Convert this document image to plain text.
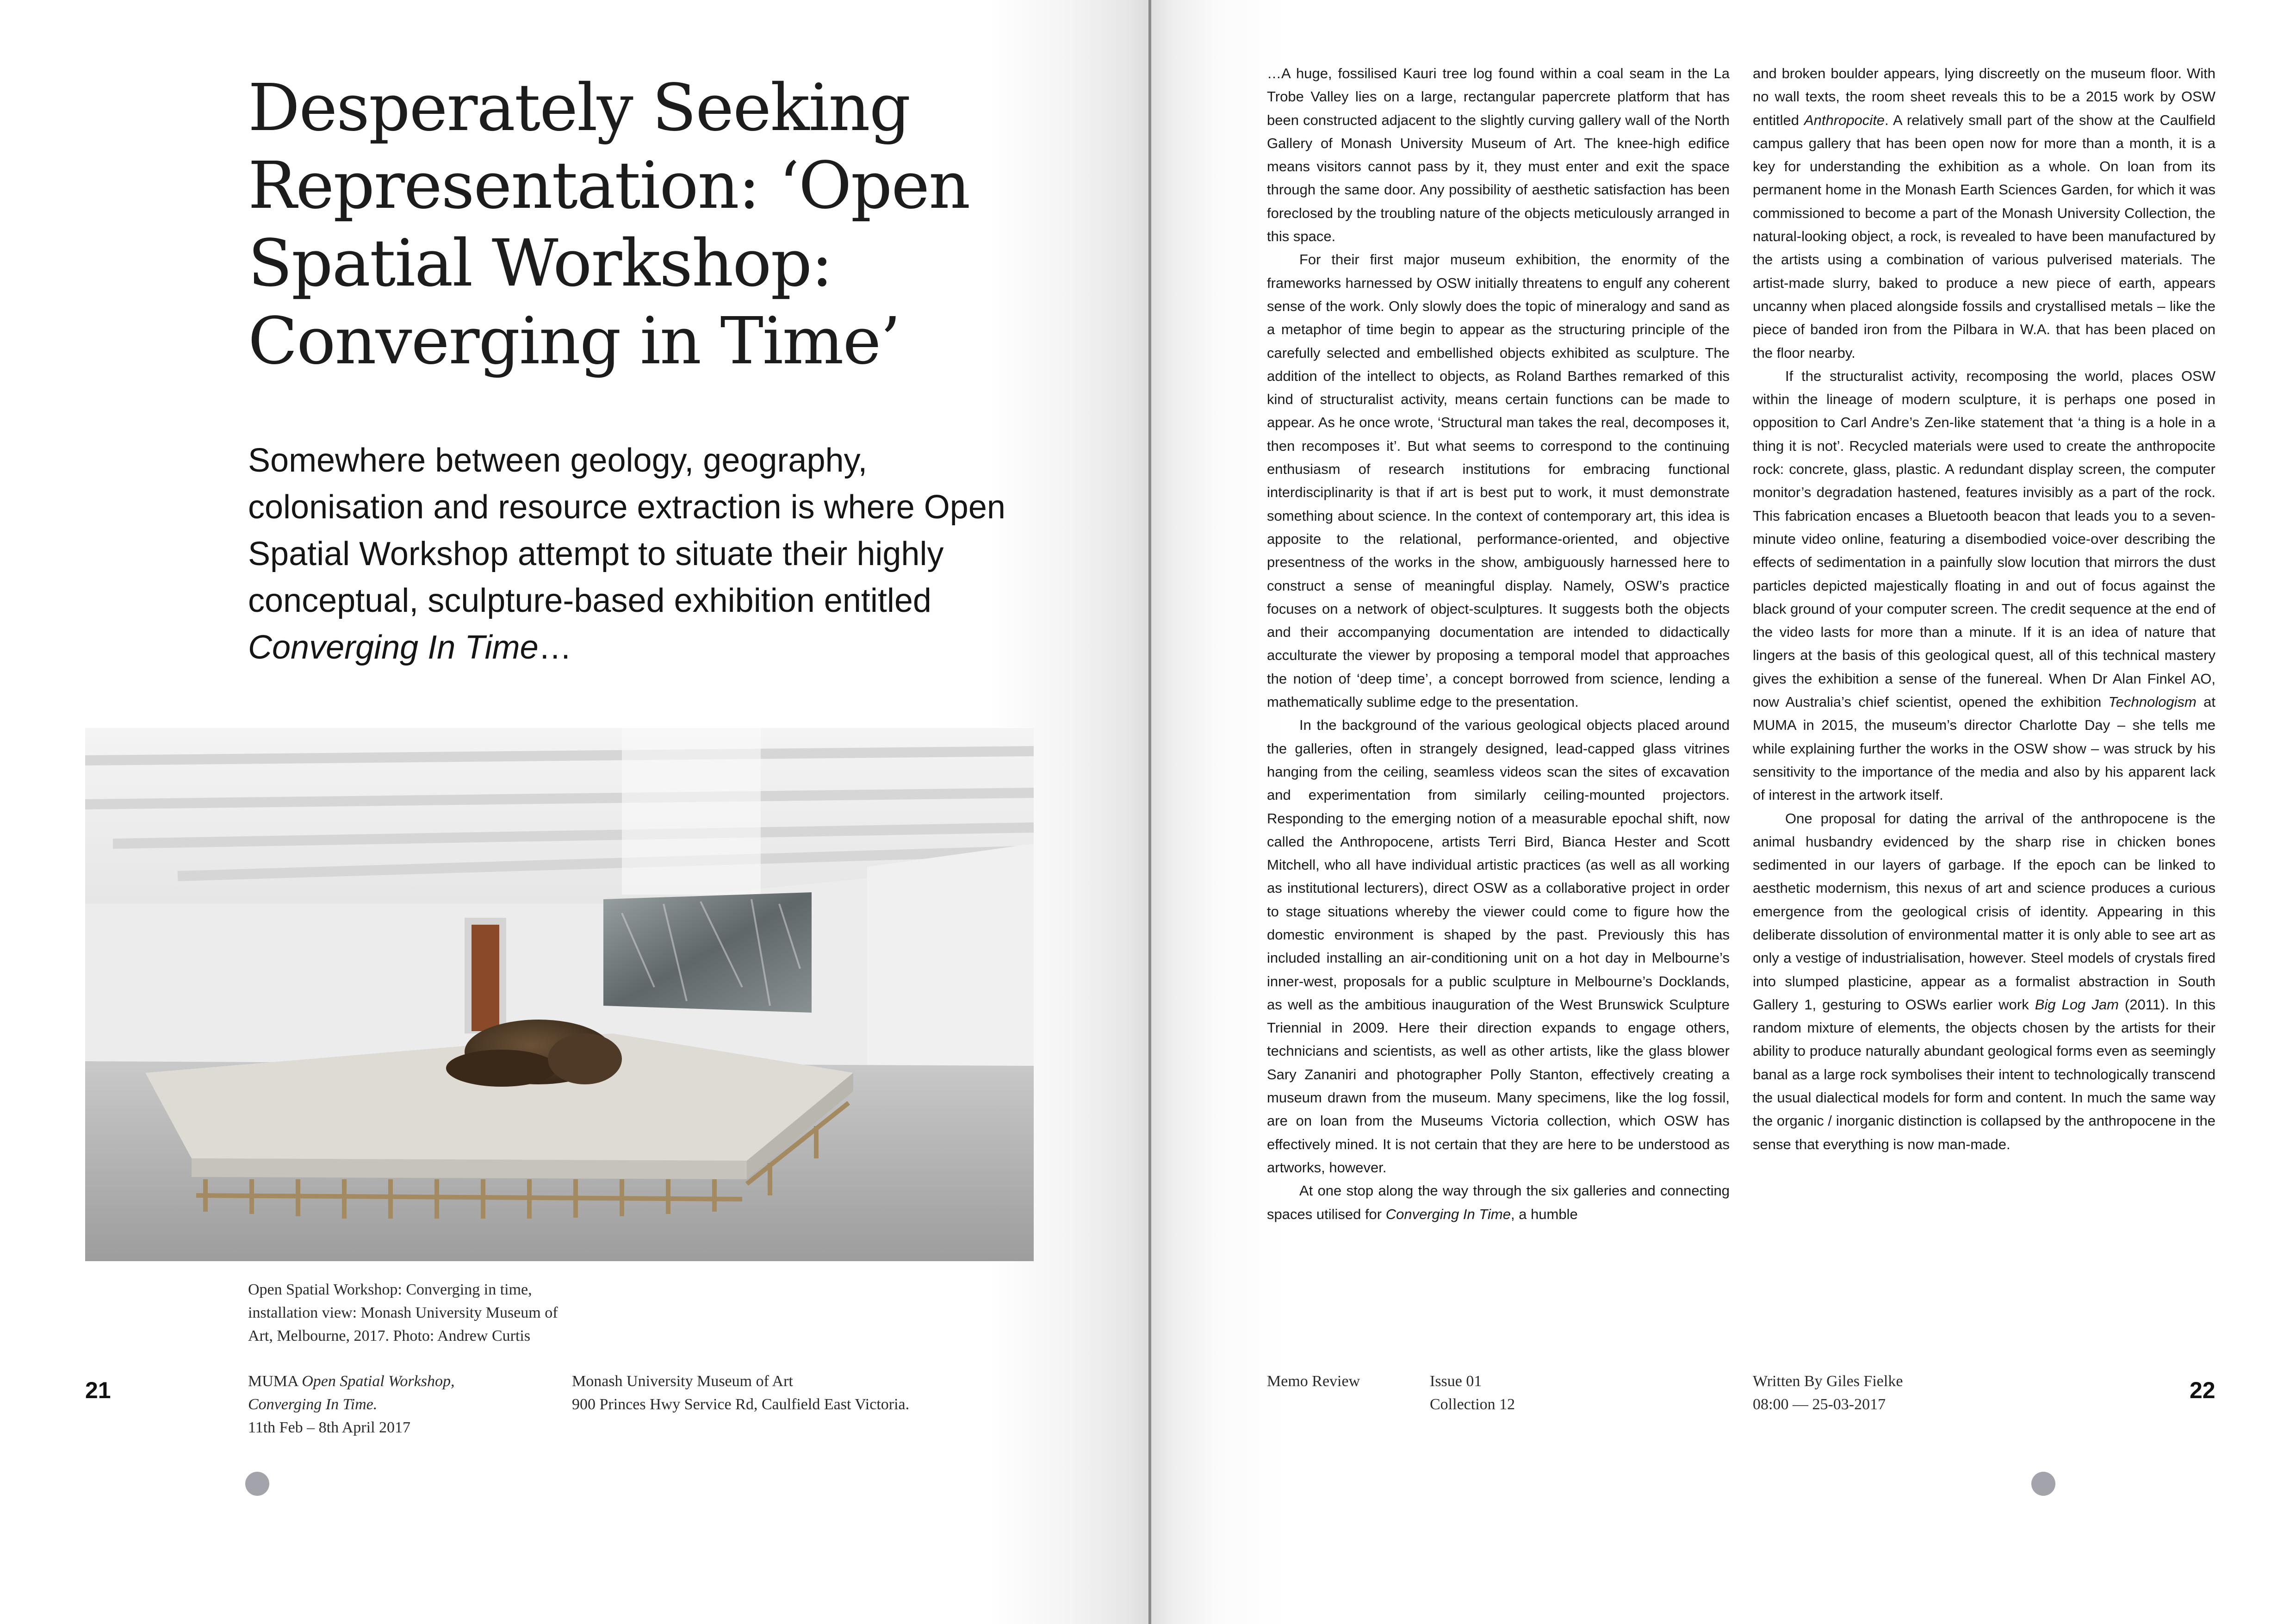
Desperately Seeking Representation: ‘Open Spatial Workshop: Converging in Time’

Somewhere between geology, geography, colonisation and resource extraction is where Open Spatial Workshop attempt to situate their highly conceptual, sculpture-based exhibition entitled Converging In Time…

Open Spatial Workshop: Converging in time,
installation view: Monash University Museum of
Art, Melbourne, 2017. Photo: Andrew Curtis
21	MUMA Open Spatial Workshop,
Converging In Time.
11th Feb – 8th April 2017
Monash University Museum of Art
900 Princes Hwy Service Rd, Caulfield East Victoria.

…A huge, fossilised Kauri tree log found within a coal seam in the La Trobe Valley lies on a large, rectangular papercrete platform that has been constructed adjacent to the slightly curving gallery wall of the North Gallery of Monash University Museum of Art. The knee-high edifice means visitors cannot pass by it, they must enter and exit the space through the same door. Any possibility of aesthetic satisfaction has been foreclosed by the troubling nature of the objects meticulously arranged in this space.

For their first major museum exhibition, the enormity of the frameworks harnessed by OSW initially threatens to engulf any coherent sense of the work. Only slowly does the topic of mineralogy and sand as a metaphor of time begin to appear as the structuring principle of the carefully selected and embellished objects exhibited as sculpture. The addition of the intellect to objects, as Roland Barthes remarked of this kind of structuralist activity, means certain functions can be made to appear. As he once wrote, ‘Structural man takes the real, decomposes it, then recomposes it’. But what seems to correspond to the continuing enthusiasm of research institutions for embracing functional interdisciplinarity is that if art is best put to work, it must demonstrate something about science. In the context of contemporary art, this idea is apposite to the relational, performance-oriented, and objective presentness of the works in the show, ambiguously harnessed here to construct a sense of meaningful display. Namely, OSW’s practice focuses on a network of object-sculptures. It suggests both the objects and their accompanying documentation are intended to didactically acculturate the viewer by proposing a temporal model that approaches the notion of ‘deep time’, a concept borrowed from science, lending a mathematically sublime edge to the presentation.

In the background of the various geological objects placed around the galleries, often in strangely designed, lead-capped glass vitrines hanging from the ceiling, seamless videos scan the sites of excavation and experimentation from similarly ceiling-mounted projectors. Responding to the emerging notion of a measurable epochal shift, now called the Anthropocene, artists Terri Bird, Bianca Hester and Scott Mitchell, who all have individual artistic practices (as well as all working as institutional lecturers), direct OSW as a collaborative project in order to stage situations whereby the viewer could come to figure how the domestic environment is shaped by the past. Previously this has included installing an air-conditioning unit on a hot day in Melbourne’s inner-west, proposals for a public sculpture in Melbourne’s Docklands, as well as the ambitious inauguration of the West Brunswick Sculpture Triennial in 2009. Here their direction expands to engage others, technicians and scientists, as well as other artists, like the glass blower Sary Zananiri and photographer Polly Stanton, effectively creating a museum drawn from the museum. Many specimens, like the log fossil, are on loan from the Museums Victoria collection, which OSW has effectively mined. It is not certain that they are here to be understood as artworks, however.

At one stop along the way through the six galleries and connecting spaces utilised for Converging In Time, a humble

and broken boulder appears, lying discreetly on the museum floor. With no wall texts, the room sheet reveals this to be a 2015 work by OSW entitled Anthropocite. A relatively small part of the show at the Caulfield campus gallery that has been open now for more than a month, it is a key for understanding the exhibition as a whole. On loan from its permanent home in the Monash Earth Sciences Garden, for which it was commissioned to become a part of the Monash University Collection, the natural-looking object, a rock, is revealed to have been manufactured by the artists using a combination of various pulverised materials. The artist-made slurry, baked to produce a new piece of earth, appears uncanny when placed alongside fossils and crystallised metals – like the piece of banded iron from the Pilbara in W.A. that has been placed on the floor nearby.

If the structuralist activity, recomposing the world, places OSW within the lineage of modern sculpture, it is perhaps one posed in opposition to Carl Andre’s Zen-like statement that ‘a thing is a hole in a thing it is not’. Recycled materials were used to create the anthropocite rock: concrete, glass, plastic. A redundant display screen, the computer monitor’s degradation hastened, features invisibly as a part of the rock. This fabrication encases a Bluetooth beacon that leads you to a seven-minute video online, featuring a disembodied voice-over describing the effects of sedimentation in a painfully slow locution that mirrors the dust particles depicted majestically floating in and out of focus against the black ground of your computer screen. The credit sequence at the end of the video lasts for more than a minute. If it is an idea of nature that lingers at the basis of this geological quest, all of this technical mastery gives the exhibition a sense of the funereal. When Dr Alan Finkel AO, now Australia’s chief scientist, opened the exhibition Technologism at MUMA in 2015, the museum’s director Charlotte Day – she tells me while explaining further the works in the OSW show – was struck by his sensitivity to the importance of the media and also by his apparent lack of interest in the artwork itself.

One proposal for dating the arrival of the anthropocene is the animal husbandry evidenced by the sharp rise in chicken bones sedimented in our layers of garbage. If the epoch can be linked to aesthetic modernism, this nexus of art and science produces a curious emergence from the geological crisis of identity. Appearing in this deliberate dissolution of environmental matter it is only able to see art as only a vestige of industrialisation, however. Steel models of crystals fired into slumped plasticine, appear as a formalist abstraction in South Gallery 1, gesturing to OSWs earlier work Big Log Jam (2011). In this random mixture of elements, the objects chosen by the artists for their ability to produce naturally abundant geological forms even as seemingly banal as a large rock symbolises their intent to technologically transcend the usual dialectical models for form and content. In much the same way the organic / inorganic distinction is collapsed by the anthropocene in the sense that everything is now man-made.

22
Memo Review	Issue 01
Collection 12
Written By Giles Fielke
08:00 — 25-03-2017
